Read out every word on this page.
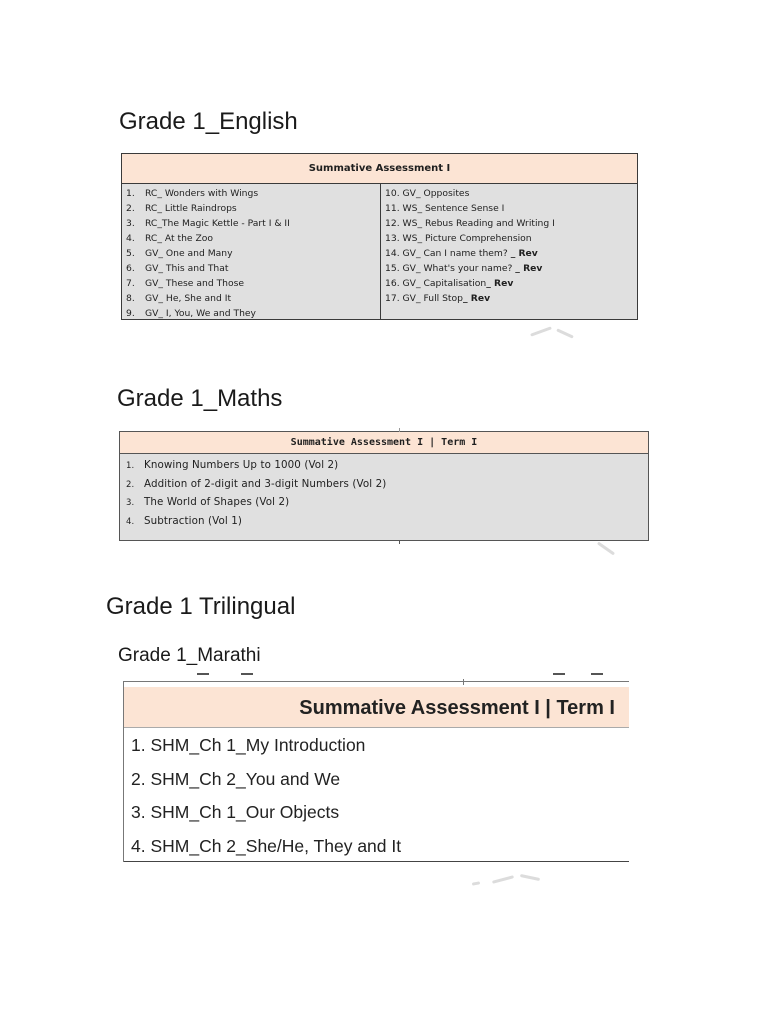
Grade 1_English
Summative Assessment I
1. RC_ Wonders with Wings
2. RC_ Little Raindrops
3. RC_The Magic Kettle - Part I & II
4. RC_ At the Zoo
5. GV_ One and Many
6. GV_ This and That
7. GV_ These and Those
8. GV_ He, She and It
9. GV_ I, You, We and They
10. GV_ Opposites
11. WS_ Sentence Sense I
12. WS_ Rebus Reading and Writing I
13. WS_ Picture Comprehension
14. GV_ Can I name them? _ Rev
15. GV_ What's your name? _ Rev
16. GV_ Capitalisation_ Rev
17. GV_ Full Stop_ Rev
Grade 1_Maths
Summative Assessment I | Term I
1. Knowing Numbers Up to 1000 (Vol 2)
2. Addition of 2-digit and 3-digit Numbers (Vol 2)
3. The World of Shapes (Vol 2)
4. Subtraction (Vol 1)
Grade 1 Trilingual
Grade 1_Marathi
Summative Assessment I | Term I
1. SHM_Ch 1_My Introduction
2. SHM_Ch 2_You and We
3. SHM_Ch 1_Our Objects
4. SHM_Ch 2_She/He, They and It
